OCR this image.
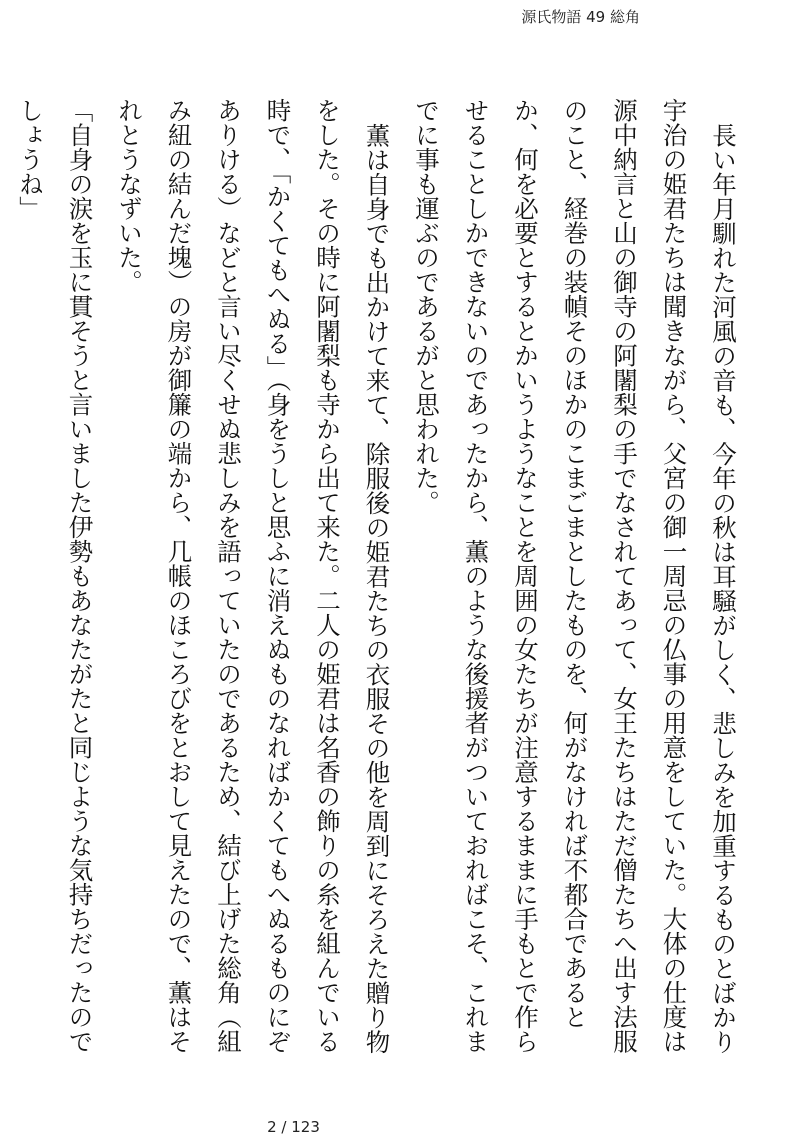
源氏物語 49 総角

長い年月馴れた河風の音も、今年の秋は耳騒がしく、悲しみを加重するものとばかり宇治の姫君たちは聞きながら、父宮の御一周忌の仏事の用意をしていた。大体の仕度は源中納言と山の御寺の阿闍梨の手でなされてあって、女王たちはただ僧たちへ出す法服のこと、経巻の装幀そのほかのこまごまとしたものを、何がなければ不都合であるとか、何を必要とするとかいうようなことを周囲の女たちが注意するままに手もとで作らせることしかできないのであったから、薫のような後援者がついておればこそ、これまでに事も運ぶのであるがと思われた。

薫は自身でも出かけて来て、除服後の姫君たちの衣服その他を周到にそろえた贈り物をした。その時に阿闍梨も寺から出て来た。二人の姫君は名香の飾りの糸を組んでいる時で、「かくてもへぬる」（身をうしと思ふに消えぬものなればかくてもへぬるものにぞありける）などと言い尽くせぬ悲しみを語っていたのであるため、結び上げた総角（組み紐の結んだ塊）の房が御簾の端から、几帳のほころびをとおして見えたので、薫はそれとうなずいた。

「自身の涙を玉に貫そうと言いました伊勢もあなたがたと同じような気持ちだったのでしょうね」

2 / 123
